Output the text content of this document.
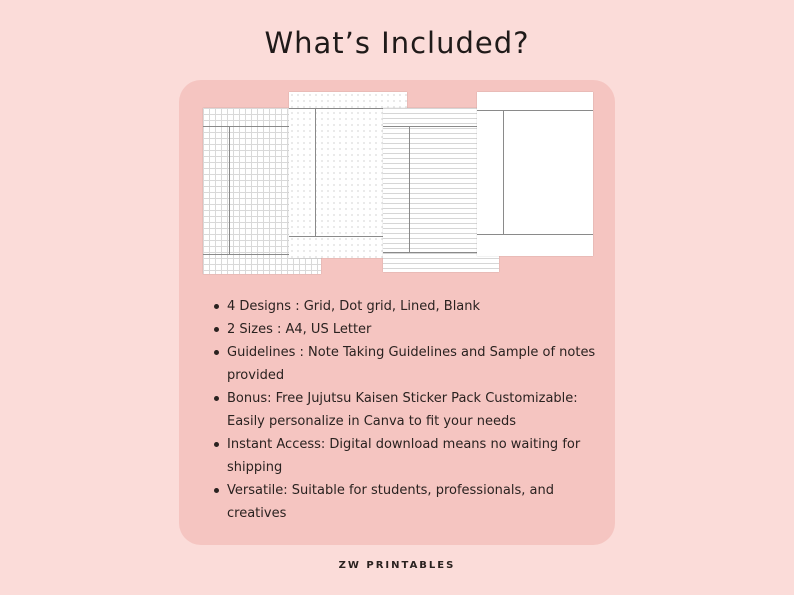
What’s Included?
4 Designs : Grid, Dot grid, Lined, Blank
2 Sizes : A4, US Letter
Guidelines : Note Taking Guidelines and Sample of notes provided
Bonus: Free Jujutsu Kaisen Sticker Pack Customizable: Easily personalize in Canva to fit your needs
Instant Access: Digital download means no waiting for shipping
Versatile: Suitable for students, professionals, and creatives
ZW PRINTABLES
